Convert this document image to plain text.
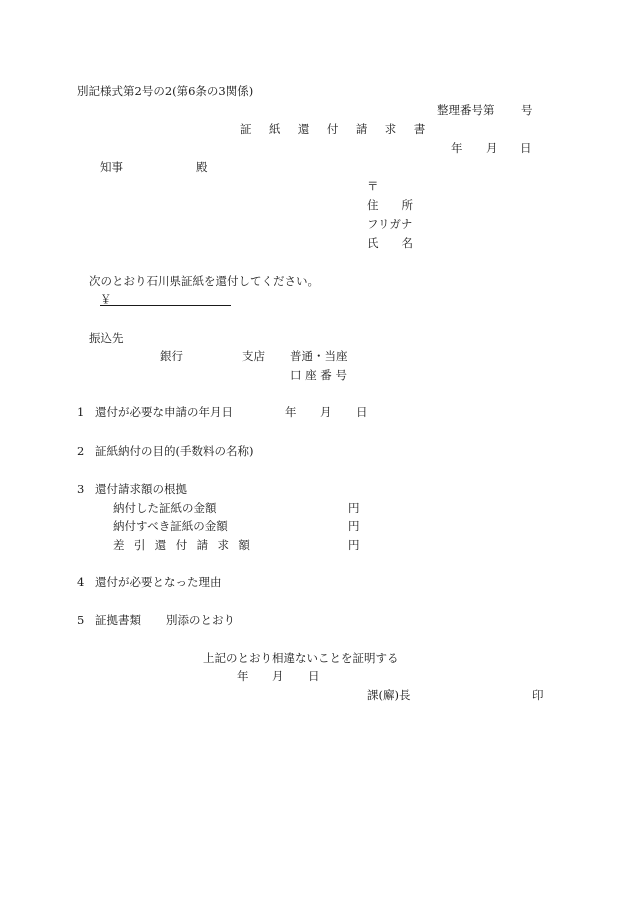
別記様式第2号の2(第6条の3関係)
整理番号第 号
証 紙 還 付 請 求 書
年 月 日
知事	殿
〒
住　　所
フリガナ
氏　　名
次のとおり石川県証紙を還付してください。
￥
振込先
銀行	支店 普通・当座
口 座 番 号
1 還付が必要な申請の年月日	年 月 日
2 証紙納付の目的(手数料の名称)
3 還付請求額の根拠
納付した証紙の金額	円
納付すべき証紙の金額	円
差 引 還 付 請 求 額	円
4 還付が必要となった理由
5 証拠書類 別添のとおり
上記のとおり相違ないことを証明する
年 月 日
課(廨)長	印
